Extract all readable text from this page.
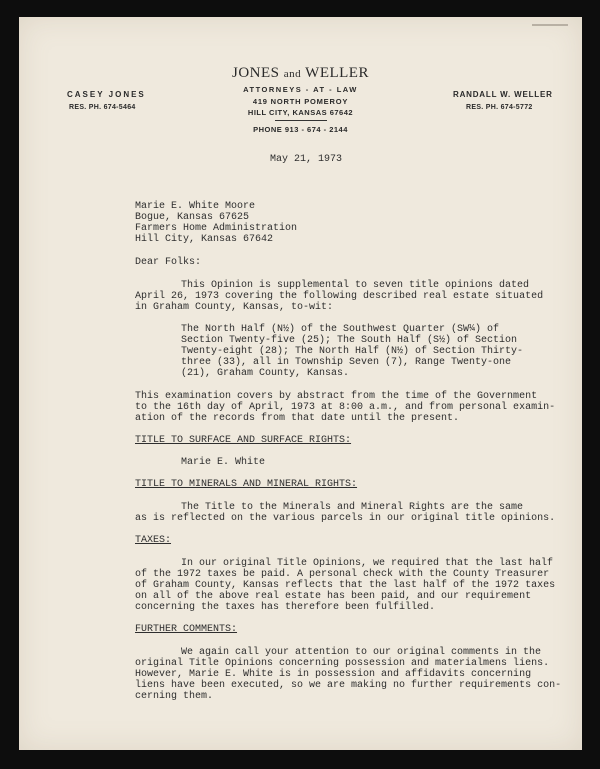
JONES and WELLER
ATTORNEYS - AT - LAW
419 NORTH POMEROY
HILL CITY, KANSAS 67642
PHONE 913 - 674 - 2144
CASEY JONES
RES. PH. 674-5464
RANDALL W. WELLER
RES. PH. 674-5772
May 21, 1973
Marie E. White Moore
Bogue, Kansas 67625
Farmers Home Administration
Hill City, Kansas 67642
Dear Folks:
This Opinion is supplemental to seven title opinions dated
April 26, 1973 covering the following described real estate situated
in Graham County, Kansas, to-wit:
The North Half (N½) of the Southwest Quarter (SW¼) of
Section Twenty-five (25); The South Half (S½) of Section
Twenty-eight (28); The North Half (N½) of Section Thirty-
three (33), all in Township Seven (7), Range Twenty-one
(21), Graham County, Kansas.
This examination covers by abstract from the time of the Government
to the 16th day of April, 1973 at 8:00 a.m., and from personal examin-
ation of the records from that date until the present.
TITLE TO SURFACE AND SURFACE RIGHTS:
Marie E. White
TITLE TO MINERALS AND MINERAL RIGHTS:
The Title to the Minerals and Mineral Rights are the same
as is reflected on the various parcels in our original title opinions.
TAXES:
In our original Title Opinions, we required that the last half
of the 1972 taxes be paid. A personal check with the County Treasurer
of Graham County, Kansas reflects that the last half of the 1972 taxes
on all of the above real estate has been paid, and our requirement
concerning the taxes has therefore been fulfilled.
FURTHER COMMENTS:
We again call your attention to our original comments in the
original Title Opinions concerning possession and materialmens liens.
However, Marie E. White is in possession and affidavits concerning
liens have been executed, so we are making no further requirements con-
cerning them.
